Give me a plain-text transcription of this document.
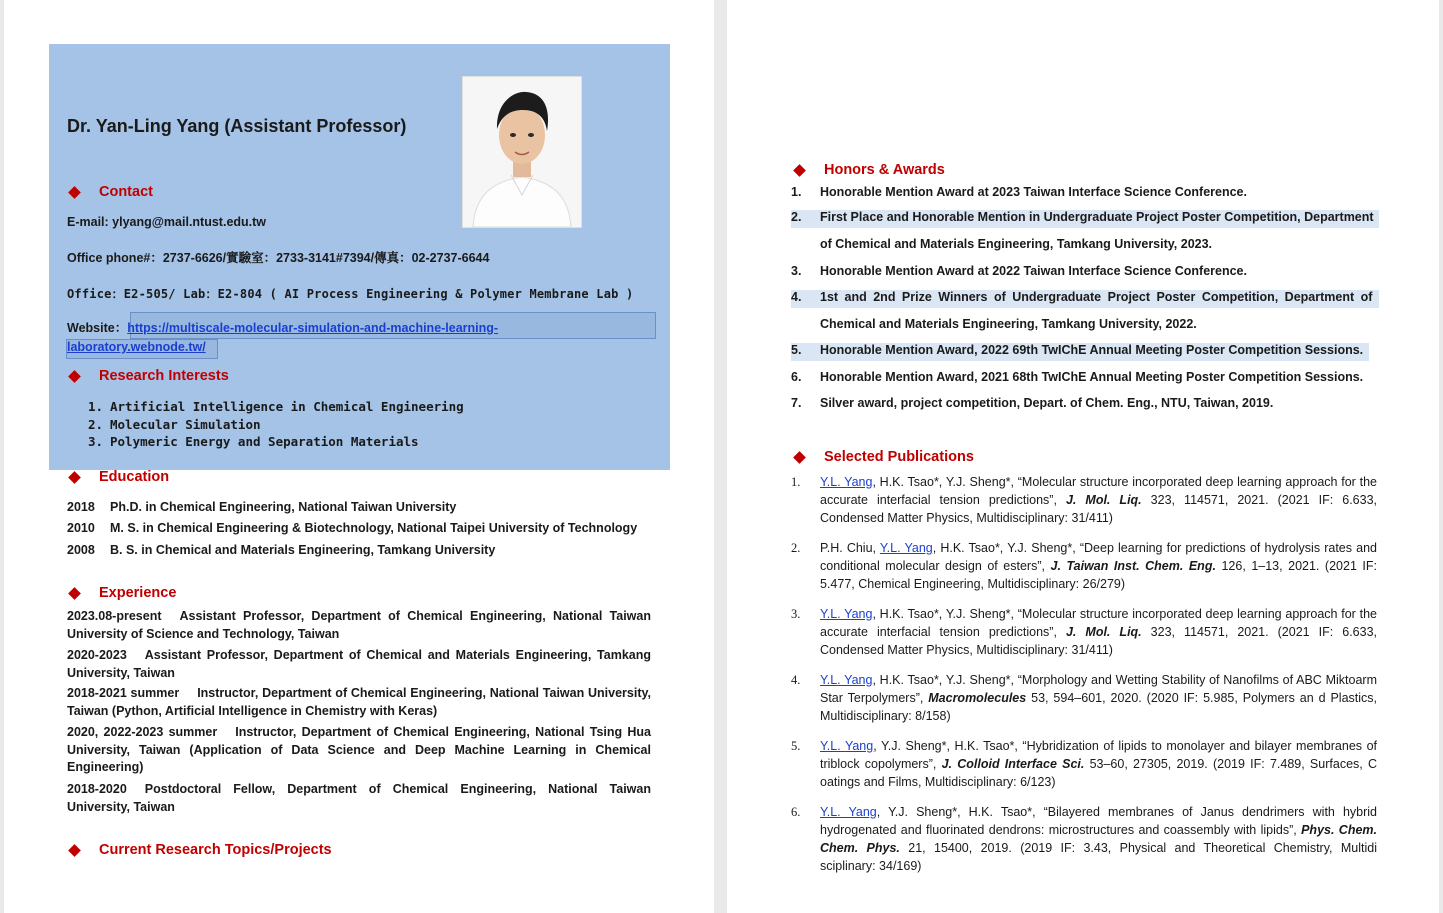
Dr. Yan-Ling Yang (Assistant Professor)
Contact
E-mail: ylyang@mail.ntust.edu.tw
Office phone#：2737-6626/實驗室：2733-3141#7394/傳真：02-2737-6644
Office：E2-505/ Lab：E2-804 ( AI Process Engineering & Polymer Membrane Lab )
Website：https://multiscale-molecular-simulation-and-machine-learning-
laboratory.webnode.tw/
Research Interests
1. Artificial Intelligence in Chemical Engineering
2. Molecular Simulation
3. Polymeric Energy and Separation Materials
Education
2018 Ph.D. in Chemical Engineering, National Taiwan University
2010 M. S. in Chemical Engineering & Biotechnology, National Taipei University of Technology
2008 B. S. in Chemical and Materials Engineering, Tamkang University
Experience
2023.08-present Assistant Professor, Department of Chemical Engineering, National Taiwan University of Science and Technology, Taiwan
2020-2023 Assistant Professor, Department of Chemical and Materials Engineering, Tamkang University, Taiwan
2018-2021 summer Instructor, Department of Chemical Engineering, National Taiwan University, Taiwan (Python, Artificial Intelligence in Chemistry with Keras)
2020, 2022-2023 summer Instructor, Department of Chemical Engineering, National Tsing Hua University, Taiwan (Application of Data Science and Deep Machine Learning in Chemical Engineering)
2018-2020 Postdoctoral Fellow, Department of Chemical Engineering, National Taiwan University, Taiwan
Current Research Topics/Projects
Honors & Awards
1. Honorable Mention Award at 2023 Taiwan Interface Science Conference.
2. First Place and Honorable Mention in Undergraduate Project Poster Competition, Department
of Chemical and Materials Engineering, Tamkang University, 2023.
3. Honorable Mention Award at 2022 Taiwan Interface Science Conference.
4. 1st and 2nd Prize Winners of Undergraduate Project Poster Competition, Department of
Chemical and Materials Engineering, Tamkang University, 2022.
5. Honorable Mention Award, 2022 69th TwIChE Annual Meeting Poster Competition Sessions.
6. Honorable Mention Award, 2021 68th TwIChE Annual Meeting Poster Competition Sessions.
7. Silver award, project competition, Depart. of Chem. Eng., NTU, Taiwan, 2019.
Selected Publications
1. Y.L. Yang, H.K. Tsao*, Y.J. Sheng*, “Molecular structure incorporated deep learning approach for the accurate interfacial tension predictions”, J. Mol. Liq. 323, 114571, 2021. (2021 IF: 6.633, Condensed Matter Physics, Multidisciplinary: 31/411)
2. P.H. Chiu, Y.L. Yang, H.K. Tsao*, Y.J. Sheng*, “Deep learning for predictions of hydrolysis rates and conditional molecular design of esters”, J. Taiwan Inst. Chem. Eng. 126, 1–13, 2021. (2021 IF: 5.477, Chemical Engineering, Multidisciplinary: 26/279)
3. Y.L. Yang, H.K. Tsao*, Y.J. Sheng*, “Molecular structure incorporated deep learning approach for the accurate interfacial tension predictions”, J. Mol. Liq. 323, 114571, 2021. (2021 IF: 6.633, Condensed Matter Physics, Multidisciplinary: 31/411)
4. Y.L. Yang, H.K. Tsao*, Y.J. Sheng*, “Morphology and Wetting Stability of Nanofilms of ABC Miktoarm Star Terpolymers”, Macromolecules 53, 594–601, 2020. (2020 IF: 5.985, Polymers an d Plastics, Multidisciplinary: 8/158)
5. Y.L. Yang, Y.J. Sheng*, H.K. Tsao*, “Hybridization of lipids to monolayer and bilayer membranes of triblock copolymers”, J. Colloid Interface Sci. 53–60, 27305, 2019. (2019 IF: 7.489, Surfaces, C oatings and Films, Multidisciplinary: 6/123)
6. Y.L. Yang, Y.J. Sheng*, H.K. Tsao*, “Bilayered membranes of Janus dendrimers with hybrid hydrogenated and fluorinated dendrons: microstructures and coassembly with lipids”, Phys. Chem. Chem. Phys. 21, 15400, 2019. (2019 IF: 3.43, Physical and Theoretical Chemistry, Multidi sciplinary: 34/169)
